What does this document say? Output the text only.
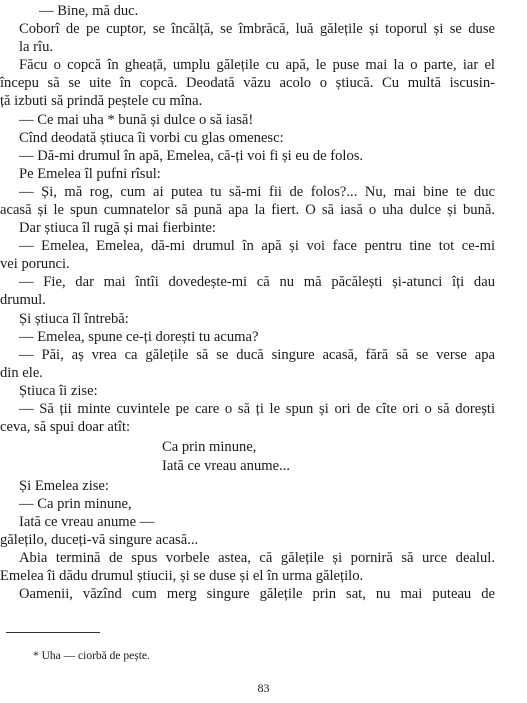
— Bine, mă duc.
Coborî de pe cuptor, se încălță, se îmbrăcă, luă gălețile și toporul și se duse
la rîu.
Făcu o copcă în gheață, umplu gălețile cu apă, le puse mai la o parte, iar el
începu să se uite în copcă. Deodată văzu acolo o știucă. Cu multă iscusin-
ță izbuti să prindă peștele cu mîna.
— Ce mai uha * bună și dulce o să iasă!
Cînd deodată știuca îi vorbi cu glas omenesc:
— Dă-mi drumul în apă, Emelea, că-ți voi fi și eu de folos.
Pe Emelea îl pufni rîsul:
— Și, mă rog, cum ai putea tu să-mi fii de folos?... Nu, mai bine te duc
acasă și le spun cumnatelor să pună apa la fiert. O să iasă o uha dulce și bună.
Dar știuca îl rugă și mai fierbinte:
— Emelea, Emelea, dă-mi drumul în apă și voi face pentru tine tot ce-mi
vei porunci.
— Fie, dar mai întîi dovedește-mi că nu mă păcălești și-atunci îți dau
drumul.
Și știuca îl întrebă:
— Emelea, spune ce-ți dorești tu acuma?
— Păi, aș vrea ca gălețile să se ducă singure acasă, fără să se verse apa
din ele.
Știuca îi zise:
— Să ții minte cuvintele pe care o să ți le spun și ori de cîte ori o să dorești
ceva, să spui doar atît:
Ca prin minune,
Iată ce vreau anume...
Și Emelea zise:
— Ca prin minune,
Iată ce vreau anume —
gălețilo, duceți-vă singure acasă...
Abia termină de spus vorbele astea, că gălețile și porniră să urce dealul.
Emelea îi dădu drumul știucii, și se duse și el în urma gălețilo.
Oamenii, văzînd cum merg singure gălețile prin sat, nu mai puteau de
* Uha — ciorbă de pește.
83
